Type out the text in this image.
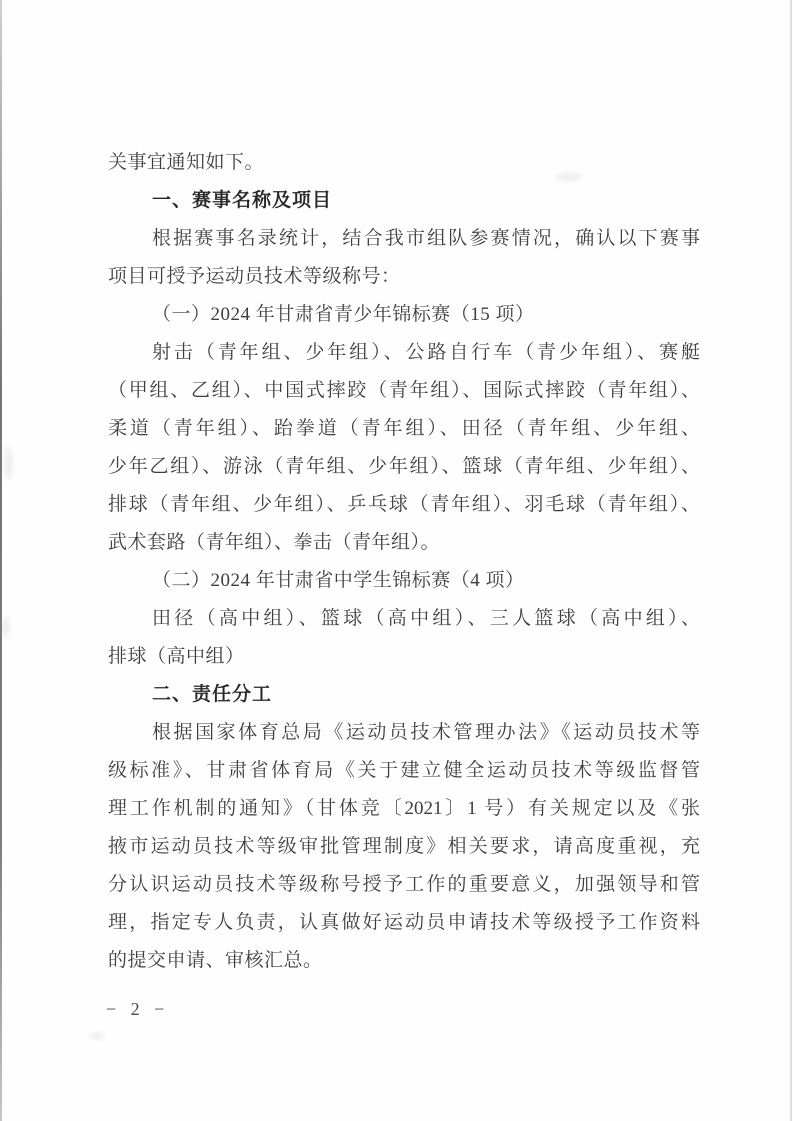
关事宜通知如下。
一、赛事名称及项目
根据赛事名录统计，结合我市组队参赛情况，确认以下赛事
项目可授予运动员技术等级称号：
（一）2024 年甘肃省青少年锦标赛（15 项）
射击（青年组、少年组）、公路自行车（青少年组）、赛艇
（甲组、乙组）、中国式摔跤（青年组）、国际式摔跤（青年组）、
柔道（青年组）、跆拳道（青年组）、田径（青年组、少年组、
少年乙组）、游泳（青年组、少年组）、篮球（青年组、少年组）、
排球（青年组、少年组）、乒乓球（青年组）、羽毛球（青年组）、
武术套路（青年组）、拳击（青年组）。
（二）2024 年甘肃省中学生锦标赛（4 项）
田径（高中组）、篮球（高中组）、三人篮球（高中组）、
排球（高中组）
二、责任分工
根据国家体育总局《运动员技术管理办法》《运动员技术等
级标准》、甘肃省体育局《关于建立健全运动员技术等级监督管
理工作机制的通知》（甘体竞〔2021〕1 号）有关规定以及《张
掖市运动员技术等级审批管理制度》相关要求，请高度重视，充
分认识运动员技术等级称号授予工作的重要意义，加强领导和管
理，指定专人负责，认真做好运动员申请技术等级授予工作资料
的提交申请、审核汇总。
− 2 −
